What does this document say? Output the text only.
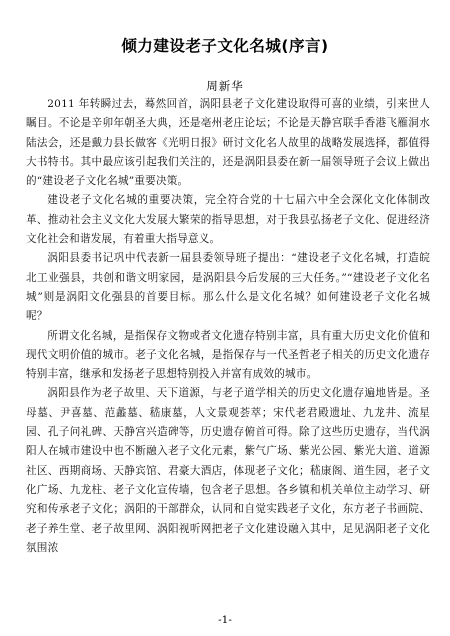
倾力建设老子文化名城(序言)
周新华

2011 年转瞬过去，蓦然回首，涡阳县老子文化建设取得可喜的业绩，引来世人瞩目。不论是辛卯年朝圣大典，还是亳州老庄论坛；不论是天静宫联手香港飞雁洞水陆法会，还是戴力县长做客《光明日报》研讨文化名人故里的战略发展选择，都值得大书特书。其中最应该引起我们关注的，还是涡阳县委在新一届领导班子会议上做出的“建设老子文化名城”重要决策。

建设老子文化名城的重要决策，完全符合党的十七届六中全会深化文化体制改革、推动社会主义文化大发展大繁荣的指导思想，对于我县弘扬老子文化、促进经济文化社会和谐发展，有着重大指导意义。

涡阳县委书记巩中代表新一届县委领导班子提出：“建设老子文化名城，打造皖北工业强县，共创和谐文明家园，是涡阳县今后发展的三大任务。”“建设老子文化名城”则是涡阳文化强县的首要目标。那么什么是文化名城？如何建设老子文化名城呢？

所谓文化名城，是指保存文物或者文化遗存特别丰富，具有重大历史文化价值和现代文明价值的城市。老子文化名城，是指保存与一代圣哲老子相关的历史文化遗存特别丰富，继承和发扬老子思想特别投入并富有成效的城市。

涡阳县作为老子故里、天下道源，与老子道学相关的历史文化遗存遍地皆是。圣母墓、尹喜墓、范蠡墓、嵇康墓，人文景观荟萃；宋代老君殿遗址、九龙井、流星园、孔子问礼碑、天静宫兴造碑等，历史遗存俯首可得。除了这些历史遗存，当代涡阳人在城市建设中也不断融入老子文化元素，紫气广场、紫光公园、紫光大道、道源社区、西期商场、天静宾馆、君豪大酒店，体现老子文化；嵇康阁、道生园，老子文化广场、九龙柱、老子文化宣传墙，包含老子思想。各乡镇和机关单位主动学习、研究和传承老子文化；涡阳的干部群众，认同和自觉实践老子文化，东方老子书画院、老子养生堂、老子故里网、涡阳视听网把老子文化建设融入其中，足见涡阳老子文化氛围浓

-1-
